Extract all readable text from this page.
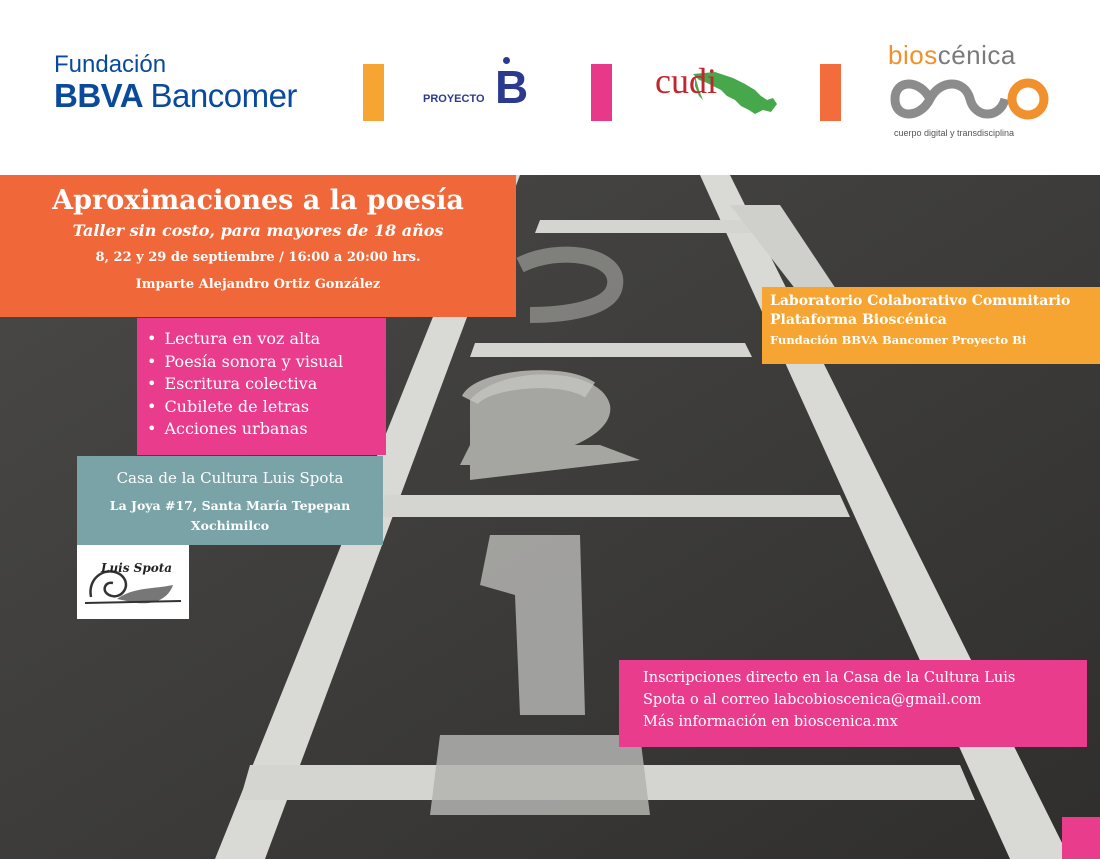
Fundación
BBVA Bancomer	PROYECTO B	cudi
bioscénica
cuerpo digital y transdisciplina
Aproximaciones a la poesía
Taller sin costo, para mayores de 18 años
8, 22 y 29 de septiembre / 16:00 a 20:00 hrs.
Imparte Alejandro Ortiz González
• Lectura en voz alta
• Poesía sonora y visual
• Escritura colectiva
• Cubilete de letras
• Acciones urbanas
Casa de la Cultura Luis Spota
La Joya #17, Santa María Tepepan
Xochimilco
Luis Spota
Laboratorio Colaborativo Comunitario
Plataforma Bioscénica
Fundación BBVA Bancomer Proyecto Bi
Inscripciones directo en la Casa de la Cultura Luis
Spota o al correo labcobioscenica@gmail.com
Más información en bioscenica.mx
